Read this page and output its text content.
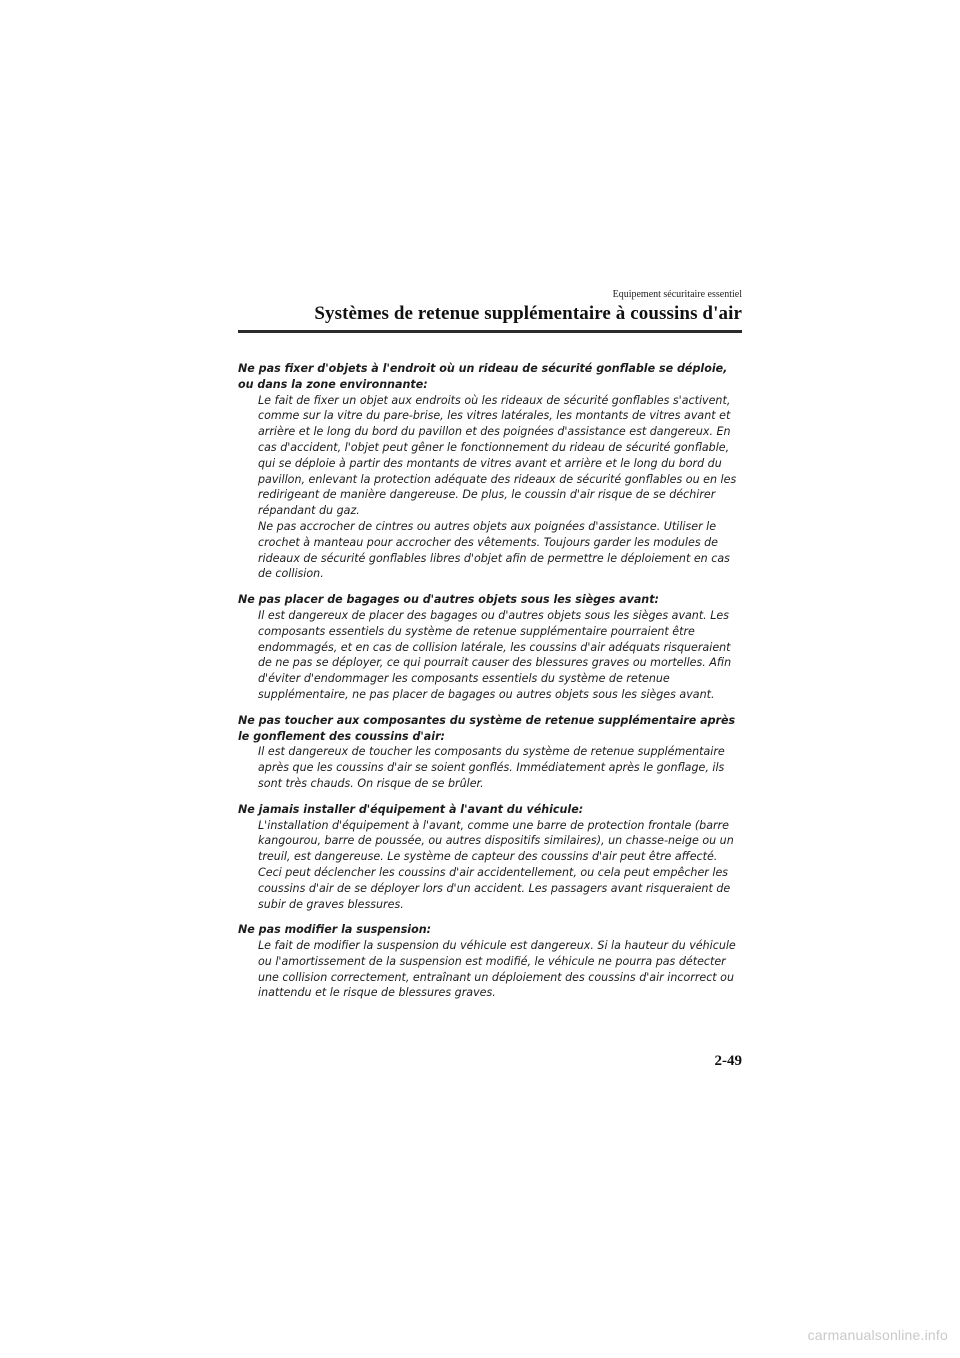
Equipement sécuritaire essentiel
Systèmes de retenue supplémentaire à coussins d'air

Ne pas fixer d'objets à l'endroit où un rideau de sécurité gonflable se déploie, ou dans la zone environnante:

Le fait de fixer un objet aux endroits où les rideaux de sécurité gonflables s'activent, comme sur la vitre du pare-brise, les vitres latérales, les montants de vitres avant et arrière et le long du bord du pavillon et des poignées d'assistance est dangereux. En cas d'accident, l'objet peut gêner le fonctionnement du rideau de sécurité gonflable, qui se déploie à partir des montants de vitres avant et arrière et le long du bord du pavillon, enlevant la protection adéquate des rideaux de sécurité gonflables ou en les redirigeant de manière dangereuse. De plus, le coussin d'air risque de se déchirer répandant du gaz.

Ne pas accrocher de cintres ou autres objets aux poignées d'assistance. Utiliser le crochet à manteau pour accrocher des vêtements. Toujours garder les modules de rideaux de sécurité gonflables libres d'objet afin de permettre le déploiement en cas de collision.

Ne pas placer de bagages ou d'autres objets sous les sièges avant:

Il est dangereux de placer des bagages ou d'autres objets sous les sièges avant. Les composants essentiels du système de retenue supplémentaire pourraient être endommagés, et en cas de collision latérale, les coussins d'air adéquats risqueraient de ne pas se déployer, ce qui pourrait causer des blessures graves ou mortelles. Afin d'éviter d'endommager les composants essentiels du système de retenue supplémentaire, ne pas placer de bagages ou autres objets sous les sièges avant.

Ne pas toucher aux composantes du système de retenue supplémentaire après le gonflement des coussins d'air:

Il est dangereux de toucher les composants du système de retenue supplémentaire après que les coussins d'air se soient gonflés. Immédiatement après le gonflage, ils sont très chauds. On risque de se brûler.

Ne jamais installer d'équipement à l'avant du véhicule:

L'installation d'équipement à l'avant, comme une barre de protection frontale (barre kangourou, barre de poussée, ou autres dispositifs similaires), un chasse-neige ou un treuil, est dangereuse. Le système de capteur des coussins d'air peut être affecté. Ceci peut déclencher les coussins d'air accidentellement, ou cela peut empêcher les coussins d'air de se déployer lors d'un accident. Les passagers avant risqueraient de subir de graves blessures.

Ne pas modifier la suspension:

Le fait de modifier la suspension du véhicule est dangereux. Si la hauteur du véhicule ou l'amortissement de la suspension est modifié, le véhicule ne pourra pas détecter une collision correctement, entraînant un déploiement des coussins d'air incorrect ou inattendu et le risque de blessures graves.

2-49
carmanualsonline.info
